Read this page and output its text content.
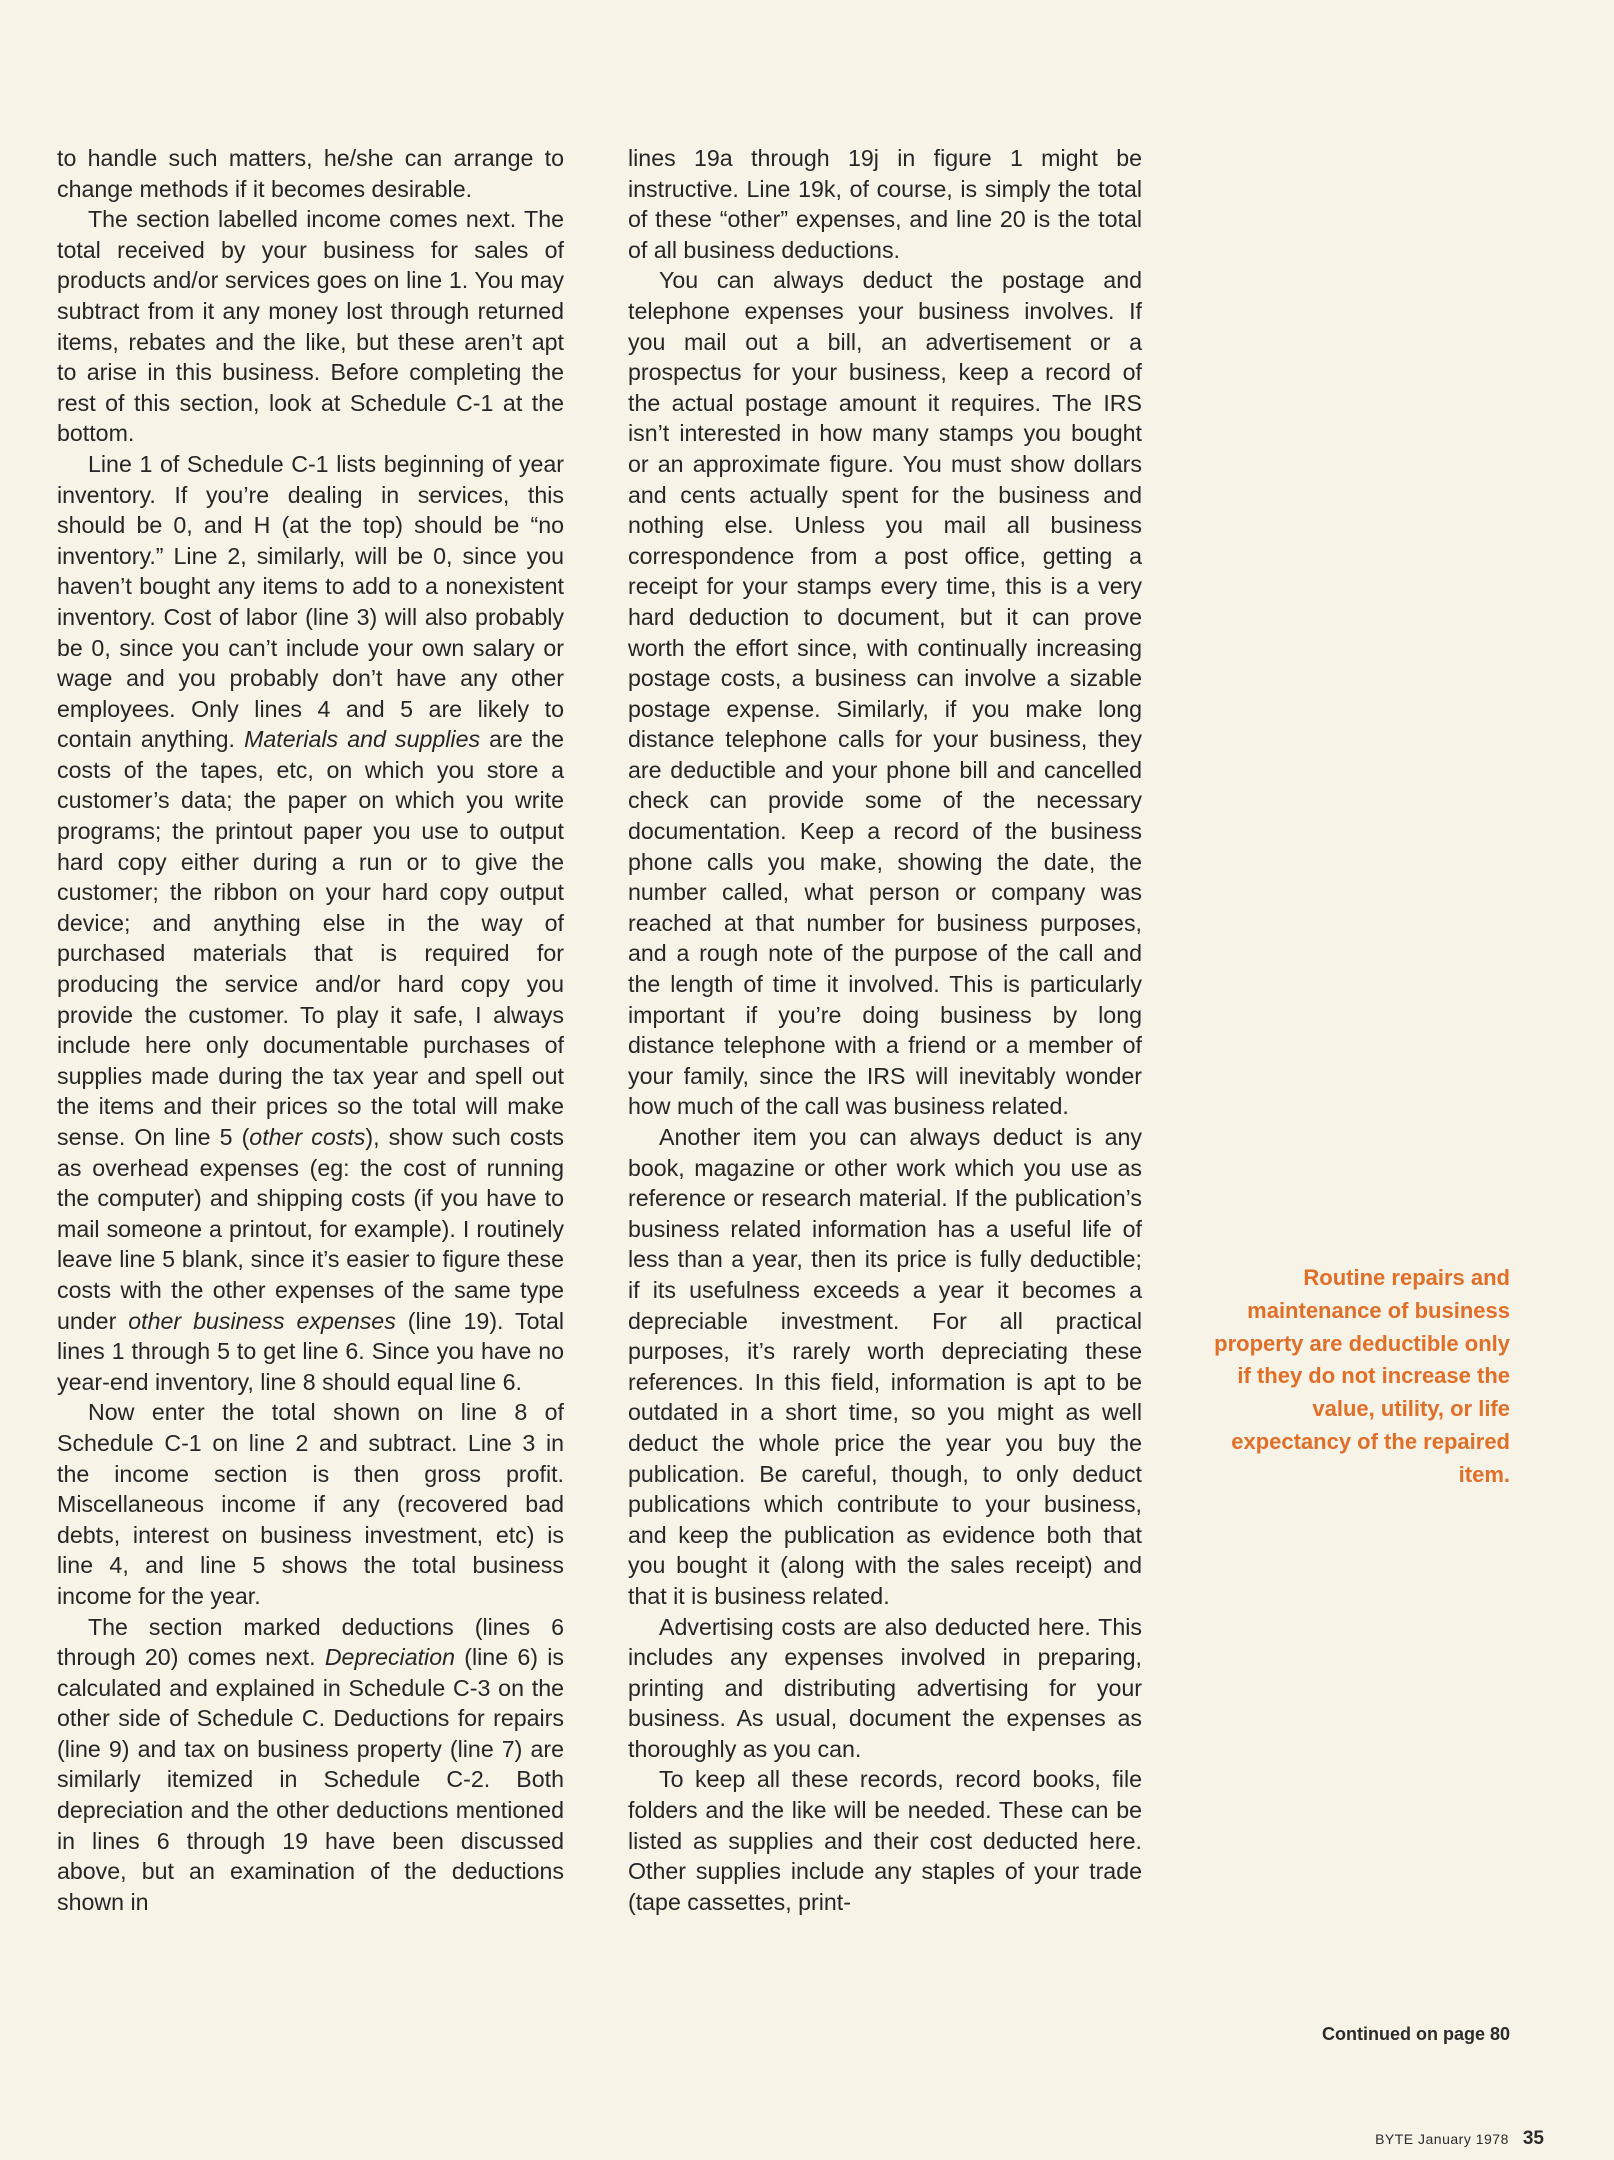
to handle such matters, he/she can arrange to change methods if it becomes desirable.

The section labelled income comes next. The total received by your business for sales of products and/or services goes on line 1. You may subtract from it any money lost through returned items, rebates and the like, but these aren’t apt to arise in this business. Before completing the rest of this section, look at Schedule C-1 at the bottom.

Line 1 of Schedule C-1 lists beginning of year inventory. If you’re dealing in services, this should be 0, and H (at the top) should be “no inventory.” Line 2, similarly, will be 0, since you haven’t bought any items to add to a nonexistent inventory. Cost of labor (line 3) will also probably be 0, since you can’t include your own salary or wage and you probably don’t have any other employees. Only lines 4 and 5 are likely to contain anything. Materials and supplies are the costs of the tapes, etc, on which you store a customer’s data; the paper on which you write programs; the printout paper you use to output hard copy either during a run or to give the customer; the ribbon on your hard copy output device; and anything else in the way of purchased materials that is required for producing the service and/or hard copy you provide the customer. To play it safe, I always include here only documentable purchases of supplies made during the tax year and spell out the items and their prices so the total will make sense. On line 5 (other costs), show such costs as overhead expenses (eg: the cost of running the computer) and shipping costs (if you have to mail someone a printout, for example). I routinely leave line 5 blank, since it’s easier to figure these costs with the other expenses of the same type under other business expenses (line 19). Total lines 1 through 5 to get line 6. Since you have no year-end inventory, line 8 should equal line 6.

Now enter the total shown on line 8 of Schedule C-1 on line 2 and subtract. Line 3 in the income section is then gross profit. Miscellaneous income if any (recovered bad debts, interest on business investment, etc) is line 4, and line 5 shows the total business income for the year.

The section marked deductions (lines 6 through 20) comes next. Depreciation (line 6) is calculated and explained in Schedule C-3 on the other side of Schedule C. Deductions for repairs (line 9) and tax on business property (line 7) are similarly itemized in Schedule C-2. Both depreciation and the other deductions mentioned in lines 6 through 19 have been discussed above, but an examination of the deductions shown in

lines 19a through 19j in figure 1 might be instructive. Line 19k, of course, is simply the total of these “other” expenses, and line 20 is the total of all business deductions.

You can always deduct the postage and telephone expenses your business involves. If you mail out a bill, an advertisement or a prospectus for your business, keep a record of the actual postage amount it requires. The IRS isn’t interested in how many stamps you bought or an approximate figure. You must show dollars and cents actually spent for the business and nothing else. Unless you mail all business correspondence from a post office, getting a receipt for your stamps every time, this is a very hard deduction to document, but it can prove worth the effort since, with continually increasing postage costs, a business can involve a sizable postage expense. Similarly, if you make long distance telephone calls for your business, they are deductible and your phone bill and cancelled check can provide some of the necessary documentation. Keep a record of the business phone calls you make, showing the date, the number called, what person or company was reached at that number for business purposes, and a rough note of the purpose of the call and the length of time it involved. This is particularly important if you’re doing business by long distance telephone with a friend or a member of your family, since the IRS will inevitably wonder how much of the call was business related.

Another item you can always deduct is any book, magazine or other work which you use as reference or research material. If the publication’s business related information has a useful life of less than a year, then its price is fully deductible; if its usefulness exceeds a year it becomes a depreciable investment. For all practical purposes, it’s rarely worth depreciating these references. In this field, information is apt to be outdated in a short time, so you might as well deduct the whole price the year you buy the publication. Be careful, though, to only deduct publications which contribute to your business, and keep the publication as evidence both that you bought it (along with the sales receipt) and that it is business related.

Advertising costs are also deducted here. This includes any expenses involved in preparing, printing and distributing advertising for your business. As usual, document the expenses as thoroughly as you can.

To keep all these records, record books, file folders and the like will be needed. These can be listed as supplies and their cost deducted here. Other supplies include any staples of your trade (tape cassettes, print-

Routine repairs and maintenance of business property are deductible only if they do not increase the value, utility, or life expectancy of the repaired item.
Continued on page 80
BYTE January 1978 35
